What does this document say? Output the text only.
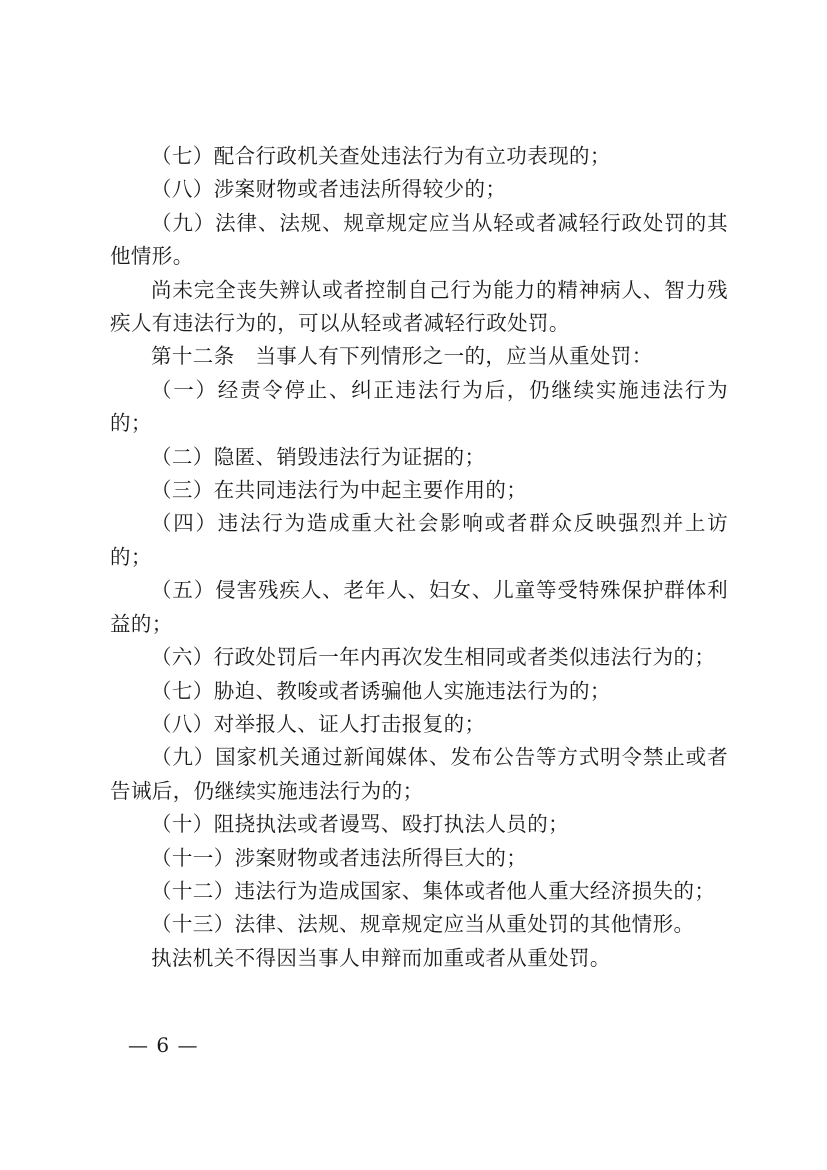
（七）配合行政机关查处违法行为有立功表现的；

（八）涉案财物或者违法所得较少的；

（九）法律、法规、规章规定应当从轻或者减轻行政处罚的其他情形。

尚未完全丧失辨认或者控制自己行为能力的精神病人、智力残疾人有违法行为的，可以从轻或者减轻行政处罚。

第十二条　当事人有下列情形之一的，应当从重处罚：

（一）经责令停止、纠正违法行为后，仍继续实施违法行为的；

（二）隐匿、销毁违法行为证据的；

（三）在共同违法行为中起主要作用的；

（四）违法行为造成重大社会影响或者群众反映强烈并上访的；

（五）侵害残疾人、老年人、妇女、儿童等受特殊保护群体利益的；

（六）行政处罚后一年内再次发生相同或者类似违法行为的；

（七）胁迫、教唆或者诱骗他人实施违法行为的；

（八）对举报人、证人打击报复的；

（九）国家机关通过新闻媒体、发布公告等方式明令禁止或者告诫后，仍继续实施违法行为的；

（十）阻挠执法或者谩骂、殴打执法人员的；

（十一）涉案财物或者违法所得巨大的；

（十二）违法行为造成国家、集体或者他人重大经济损失的；

（十三）法律、法规、规章规定应当从重处罚的其他情形。

执法机关不得因当事人申辩而加重或者从重处罚。

— 6 —
